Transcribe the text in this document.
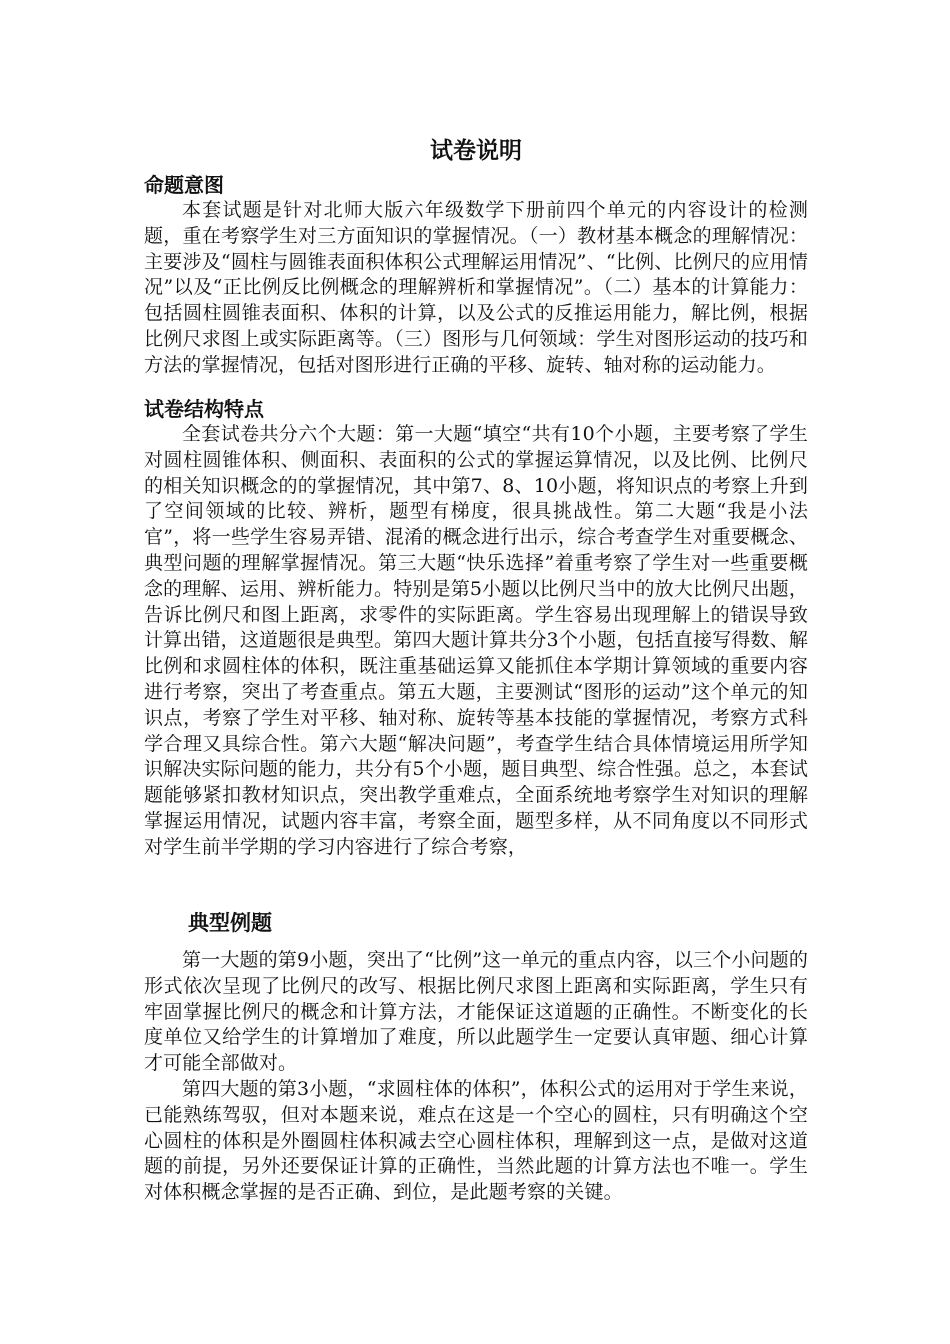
试卷说明
命题意图

本套试题是针对北师大版六年级数学下册前四个单元的内容设计的检测题，重在考察学生对三方面知识的掌握情况。（一）教材基本概念的理解情况：主要涉及“圆柱与圆锥表面积体积公式理解运用情况”、“比例、比例尺的应用情况”以及“正比例反比例概念的理解辨析和掌握情况”。（二）基本的计算能力：包括圆柱圆锥表面积、体积的计算，以及公式的反推运用能力，解比例，根据比例尺求图上或实际距离等。（三）图形与几何领域：学生对图形运动的技巧和方法的掌握情况，包括对图形进行正确的平移、旋转、轴对称的运动能力。

试卷结构特点

全套试卷共分六个大题：第一大题“填空“共有10个小题，主要考察了学生对圆柱圆锥体积、侧面积、表面积的公式的掌握运算情况，以及比例、比例尺的相关知识概念的的掌握情况，其中第7、8、10小题，将知识点的考察上升到了空间领域的比较、辨析，题型有梯度，很具挑战性。第二大题“我是小法官”，将一些学生容易弄错、混淆的概念进行出示，综合考查学生对重要概念、典型问题的理解掌握情况。第三大题“快乐选择”着重考察了学生对一些重要概念的理解、运用、辨析能力。特别是第5小题以比例尺当中的放大比例尺出题，告诉比例尺和图上距离，求零件的实际距离。学生容易出现理解上的错误导致计算出错，这道题很是典型。第四大题计算共分3个小题，包括直接写得数、解比例和求圆柱体的体积，既注重基础运算又能抓住本学期计算领域的重要内容进行考察，突出了考查重点。第五大题，主要测试“图形的运动”这个单元的知识点，考察了学生对平移、轴对称、旋转等基本技能的掌握情况，考察方式科学合理又具综合性。第六大题“解决问题”，考查学生结合具体情境运用所学知识解决实际问题的能力，共分有5个小题，题目典型、综合性强。总之，本套试题能够紧扣教材知识点，突出教学重难点，全面系统地考察学生对知识的理解掌握运用情况，试题内容丰富，考察全面，题型多样，从不同角度以不同形式对学生前半学期的学习内容进行了综合考察，

典型例题

第一大题的第9小题，突出了“比例”这一单元的重点内容，以三个小问题的形式依次呈现了比例尺的改写、根据比例尺求图上距离和实际距离，学生只有牢固掌握比例尺的概念和计算方法，才能保证这道题的正确性。不断变化的长度单位又给学生的计算增加了难度，所以此题学生一定要认真审题、细心计算才可能全部做对。

第四大题的第3小题，“求圆柱体的体积”，体积公式的运用对于学生来说，已能熟练驾驭，但对本题来说，难点在这是一个空心的圆柱，只有明确这个空心圆柱的体积是外圈圆柱体积减去空心圆柱体积，理解到这一点，是做对这道题的前提，另外还要保证计算的正确性，当然此题的计算方法也不唯一。学生对体积概念掌握的是否正确、到位，是此题考察的关键。
